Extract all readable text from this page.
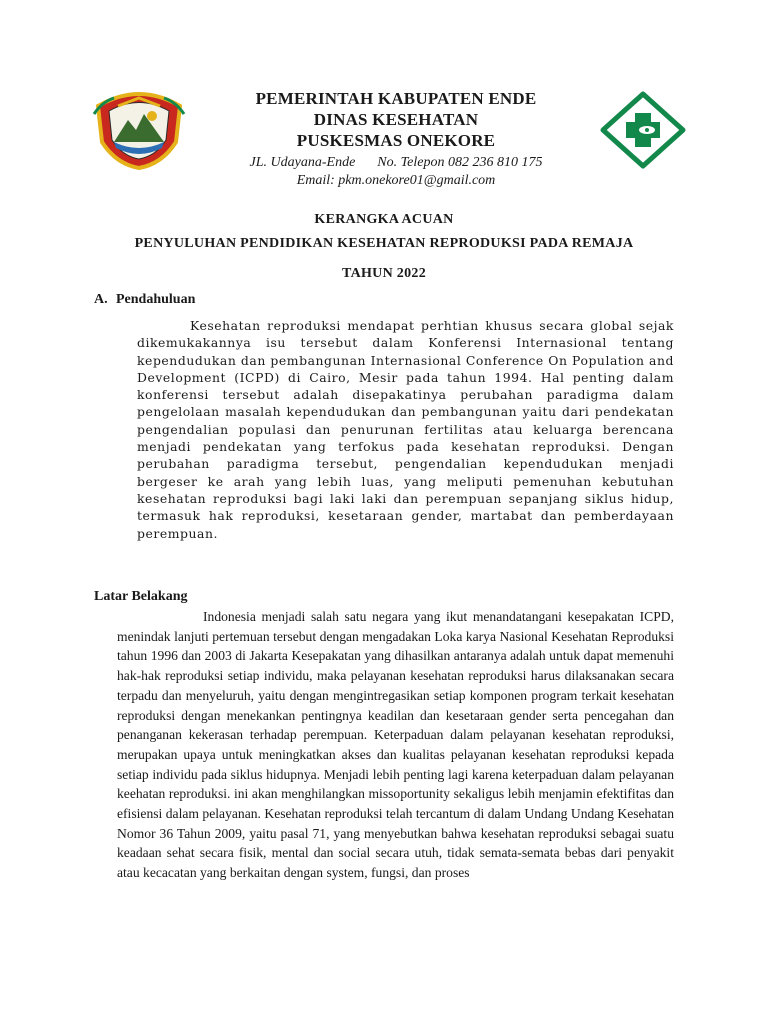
PEMERINTAH KABUPATEN ENDE
DINAS KESEHATAN
PUSKESMAS ONEKORE
JL. Udayana-Ende No. Telepon 082 236 810 175
Email: pkm.onekore01@gmail.com
KERANGKA ACUAN
PENYULUHAN PENDIDIKAN KESEHATAN REPRODUKSI PADA REMAJA
TAHUN 2022
A. Pendahuluan

Kesehatan reproduksi mendapat perhtian khusus secara global sejak dikemukakannya isu tersebut dalam Konferensi Internasional tentang kependudukan dan pembangunan Internasional Conference On Population and Development (ICPD) di Cairo, Mesir pada tahun 1994. Hal penting dalam konferensi tersebut adalah disepakatinya perubahan paradigma dalam pengelolaan masalah kependudukan dan pembangunan yaitu dari pendekatan pengendalian populasi dan penurunan fertilitas atau keluarga berencana menjadi pendekatan yang terfokus pada kesehatan reproduksi. Dengan perubahan paradigma tersebut, pengendalian kependudukan menjadi bergeser ke arah yang lebih luas, yang meliputi pemenuhan kebutuhan kesehatan reproduksi bagi laki laki dan perempuan sepanjang siklus hidup, termasuk hak reproduksi, kesetaraan gender, martabat dan pemberdayaan perempuan.

Latar Belakang

Indonesia menjadi salah satu negara yang ikut menandatangani kesepakatan ICPD, menindak lanjuti pertemuan tersebut dengan mengadakan Loka karya Nasional Kesehatan Reproduksi tahun 1996 dan 2003 di Jakarta Kesepakatan yang dihasilkan antaranya adalah untuk dapat memenuhi hak-hak reproduksi setiap individu, maka pelayanan kesehatan reproduksi harus dilaksanakan secara terpadu dan menyeluruh, yaitu dengan mengintregasikan setiap komponen program terkait kesehatan reproduksi dengan menekankan pentingnya keadilan dan kesetaraan gender serta pencegahan dan penanganan kekerasan terhadap perempuan. Keterpaduan dalam pelayanan kesehatan reproduksi, merupakan upaya untuk meningkatkan akses dan kualitas pelayanan kesehatan reproduksi kepada setiap individu pada siklus hidupnya. Menjadi lebih penting lagi karena keterpaduan dalam pelayanan keehatan reproduksi. ini akan menghilangkan missoportunity sekaligus lebih menjamin efektifitas dan efisiensi dalam pelayanan. Kesehatan reproduksi telah tercantum di dalam Undang Undang Kesehatan Nomor 36 Tahun 2009, yaitu pasal 71, yang menyebutkan bahwa kesehatan reproduksi sebagai suatu keadaan sehat secara fisik, mental dan social secara utuh, tidak semata-semata bebas dari penyakit atau kecacatan yang berkaitan dengan system, fungsi, dan proses
